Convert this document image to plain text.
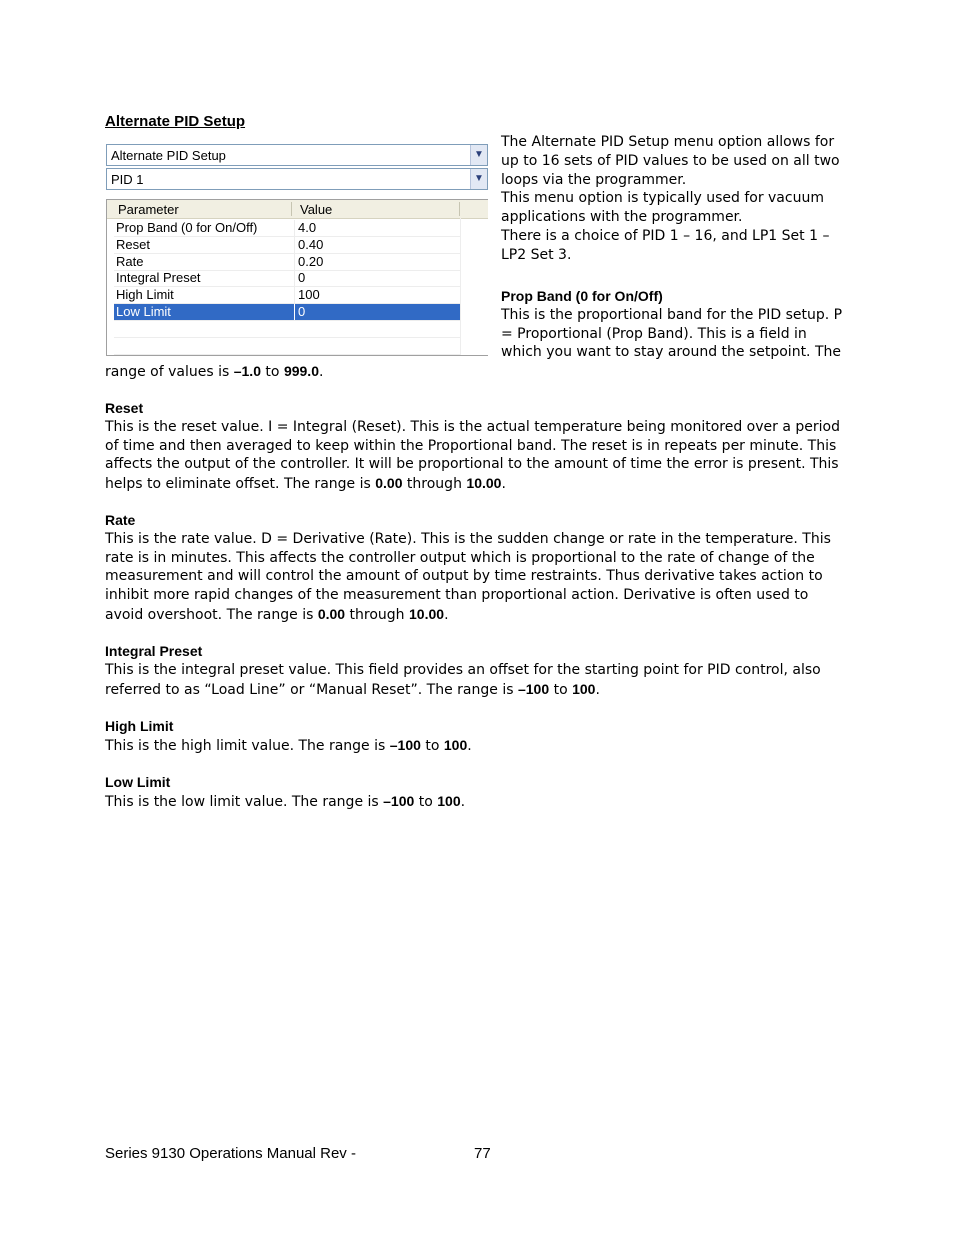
Alternate PID Setup
Alternate PID Setup	▼
PID 1	▼
Parameter	Value
Prop Band (0 for On/Off)	4.0
Reset	0.40
Rate	0.20
Integral Preset	0
High Limit	100
Low Limit	0
The Alternate PID Setup menu option allows for up to 16 sets of PID values to be used on all two loops via the programmer.
This menu option is typically used for vacuum applications with the programmer.
There is a choice of PID 1 – 16, and LP1 Set 1 – LP2 Set 3.
Prop Band (0 for On/Off)
This is the proportional band for the PID setup. P = Proportional (Prop Band). This is a field in which you want to stay around the setpoint. The
range of values is –1.0 to 999.0.
Reset
This is the reset value. I = Integral (Reset). This is the actual temperature being monitored over a period of time and then averaged to keep within the Proportional band. The reset is in repeats per minute. This affects the output of the controller. It will be proportional to the amount of time the error is present. This helps to eliminate offset. The range is 0.00 through 10.00.
Rate
This is the rate value. D = Derivative (Rate). This is the sudden change or rate in the temperature. This rate is in minutes. This affects the controller output which is proportional to the rate of change of the measurement and will control the amount of output by time restraints. Thus derivative takes action to inhibit more rapid changes of the measurement than proportional action. Derivative is often used to avoid overshoot. The range is 0.00 through 10.00.
Integral Preset
This is the integral preset value. This field provides an offset for the starting point for PID control, also referred to as “Load Line” or “Manual Reset”. The range is –100 to 100.
High Limit
This is the high limit value. The range is –100 to 100.
Low Limit
This is the low limit value. The range is –100 to 100.
Series 9130 Operations Manual Rev -	77
